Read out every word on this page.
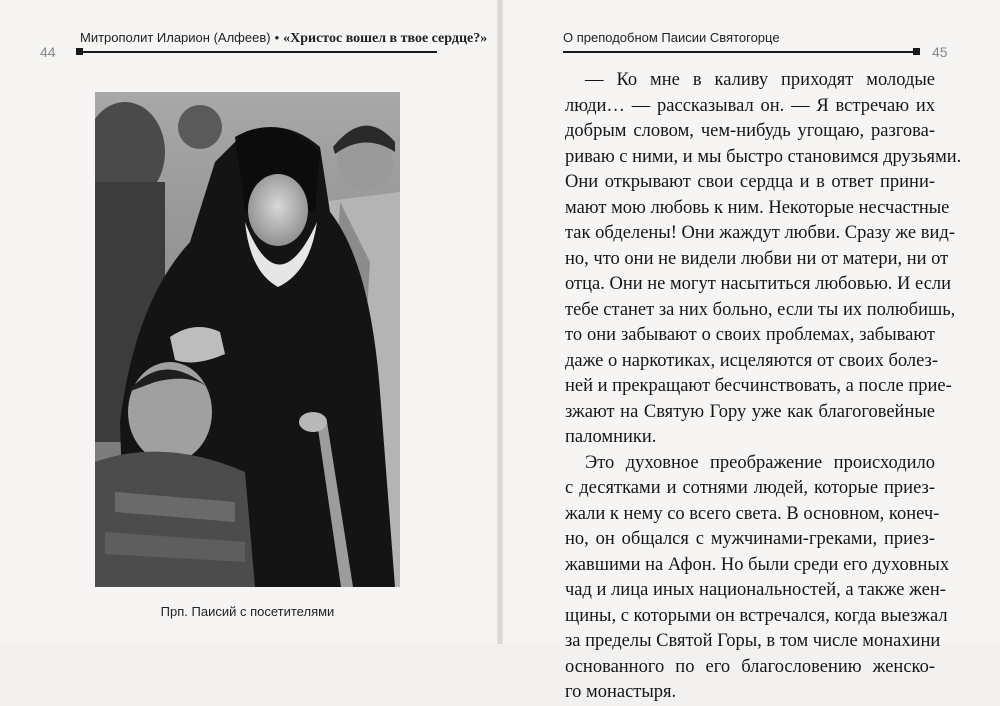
44
Митрополит Иларион (Алфеев) • «Христос вошел в твое сердце?»
Прп. Паисий с посетителями
О преподобном Паисии Святогорце
45
— Ко мне в каливу приходят молодые
люди… — рассказывал он. — Я встречаю их
добрым словом, чем-нибудь угощаю, разгова-
риваю с ними, и мы быстро становимся друзьями.
Они открывают свои сердца и в ответ прини-
мают мою любовь к ним. Некоторые несчастные
так обделены! Они жаждут любви. Сразу же вид-
но, что они не видели любви ни от матери, ни от
отца. Они не могут насытиться любовью. И если
тебе станет за них больно, если ты их полюбишь,
то они забывают о своих проблемах, забывают
даже о наркотиках, исцеляются от своих болез-
ней и прекращают бесчинствовать, а после прие-
зжают на Святую Гору уже как благоговейные
паломники.
Это духовное преображение происходило
с десятками и сотнями людей, которые приез-
жали к нему со всего света. В основном, конеч-
но, он общался с мужчинами-греками, приез-
жавшими на Афон. Но были среди его духовных
чад и лица иных национальностей, а также жен-
щины, с которыми он встречался, когда выезжал
за пределы Святой Горы, в том числе монахини
основанного по его благословению женско-
го монастыря.
